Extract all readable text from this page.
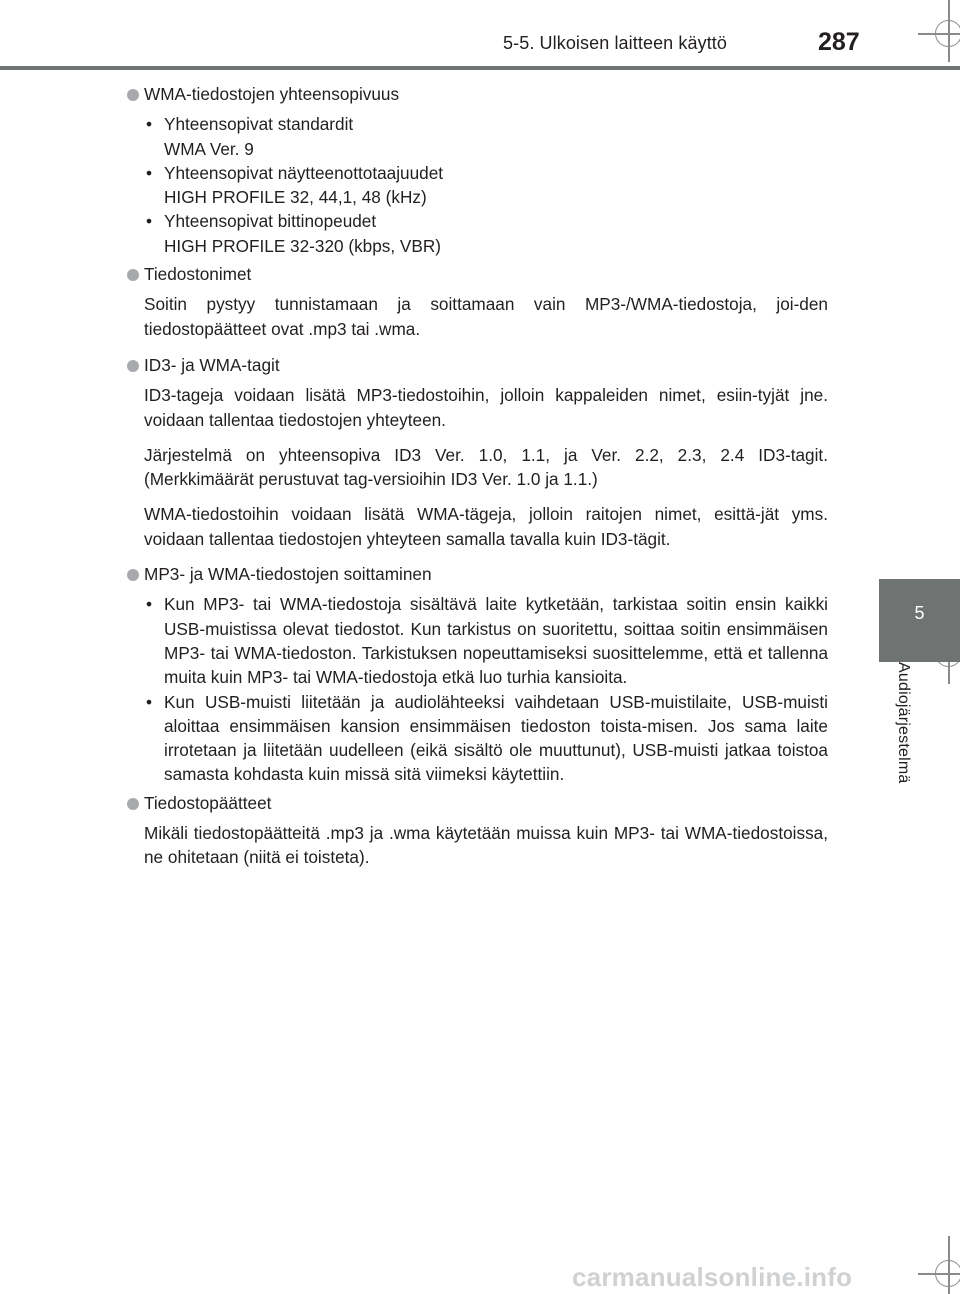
5-5. Ulkoisen laitteen käyttö	287
5
Audiojärjestelmä
WMA-tiedostojen yhteensopivuus
• Yhteensopivat standardit
WMA Ver. 9
• Yhteensopivat näytteenottotaajuudet
HIGH PROFILE 32, 44,1, 48 (kHz)
• Yhteensopivat bittinopeudet
HIGH PROFILE 32-320 (kbps, VBR)
Tiedostonimet

Soitin pystyy tunnistamaan ja soittamaan vain MP3-/WMA-tiedostoja, joi-den tiedostopäätteet ovat .mp3 tai .wma.

ID3- ja WMA-tagit

ID3-tageja voidaan lisätä MP3-tiedostoihin, jolloin kappaleiden nimet, esiin-tyjät jne. voidaan tallentaa tiedostojen yhteyteen.

Järjestelmä on yhteensopiva ID3 Ver. 1.0, 1.1, ja Ver. 2.2, 2.3, 2.4 ID3-tagit. (Merkkimäärät perustuvat tag-versioihin ID3 Ver. 1.0 ja 1.1.)

WMA-tiedostoihin voidaan lisätä WMA-tägeja, jolloin raitojen nimet, esittä-jät yms. voidaan tallentaa tiedostojen yhteyteen samalla tavalla kuin ID3-tägit.

MP3- ja WMA-tiedostojen soittaminen
• Kun MP3- tai WMA-tiedostoja sisältävä laite kytketään, tarkistaa soitin ensin kaikki USB-muistissa olevat tiedostot. Kun tarkistus on suoritettu, soittaa soitin ensimmäisen MP3- tai WMA-tiedoston. Tarkistuksen nopeuttamiseksi suosittelemme, että et tallenna muita kuin MP3- tai WMA-tiedostoja etkä luo turhia kansioita.
• Kun USB-muisti liitetään ja audiolähteeksi vaihdetaan USB-muistilaite, USB-muisti aloittaa ensimmäisen kansion ensimmäisen tiedoston toista-misen. Jos sama laite irrotetaan ja liitetään uudelleen (eikä sisältö ole muuttunut), USB-muisti jatkaa toistoa samasta kohdasta kuin missä sitä viimeksi käytettiin.
Tiedostopäätteet

Mikäli tiedostopäätteitä .mp3 ja .wma käytetään muissa kuin MP3- tai WMA-tiedostoissa, ne ohitetaan (niitä ei toisteta).

carmanualsonline.info
